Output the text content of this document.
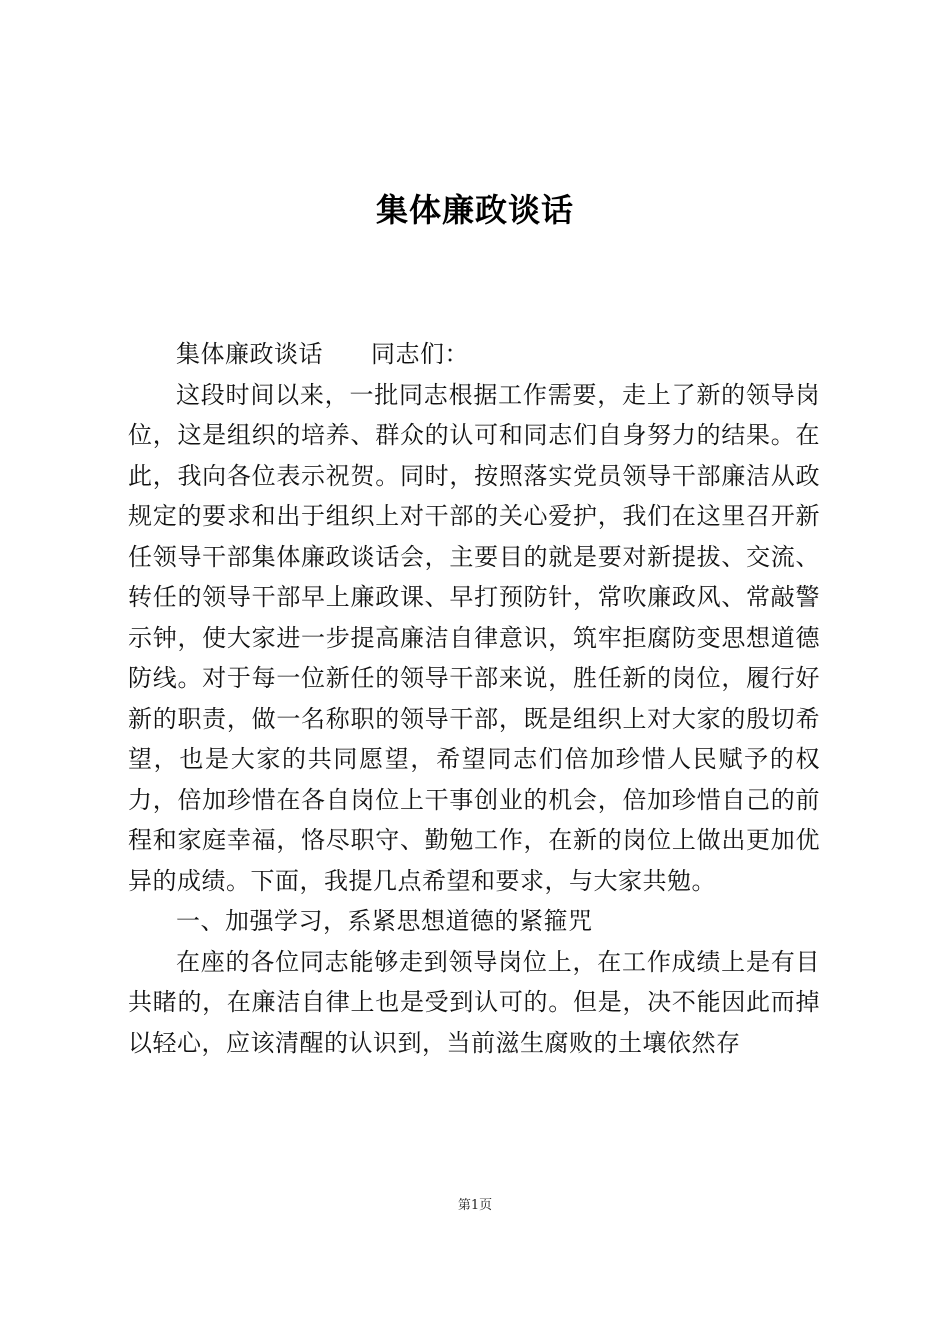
集体廉政谈话

集体廉政谈话 同志们：

这段时间以来，一批同志根据工作需要，走上了新的领导岗位，这是组织的培养、群众的认可和同志们自身努力的结果。在此，我向各位表示祝贺。同时，按照落实党员领导干部廉洁从政规定的要求和出于组织上对干部的关心爱护，我们在这里召开新任领导干部集体廉政谈话会，主要目的就是要对新提拔、交流、转任的领导干部早上廉政课、早打预防针，常吹廉政风、常敲警示钟，使大家进一步提高廉洁自律意识，筑牢拒腐防变思想道德防线。对于每一位新任的领导干部来说，胜任新的岗位，履行好新的职责，做一名称职的领导干部，既是组织上对大家的殷切希望，也是大家的共同愿望，希望同志们倍加珍惜人民赋予的权力，倍加珍惜在各自岗位上干事创业的机会，倍加珍惜自己的前程和家庭幸福，恪尽职守、勤勉工作，在新的岗位上做出更加优异的成绩。下面，我提几点希望和要求，与大家共勉。

一、加强学习，系紧思想道德的紧箍咒

在座的各位同志能够走到领导岗位上，在工作成绩上是有目共睹的，在廉洁自律上也是受到认可的。但是，决不能因此而掉以轻心，应该清醒的认识到，当前滋生腐败的土壤依然存

第1页
